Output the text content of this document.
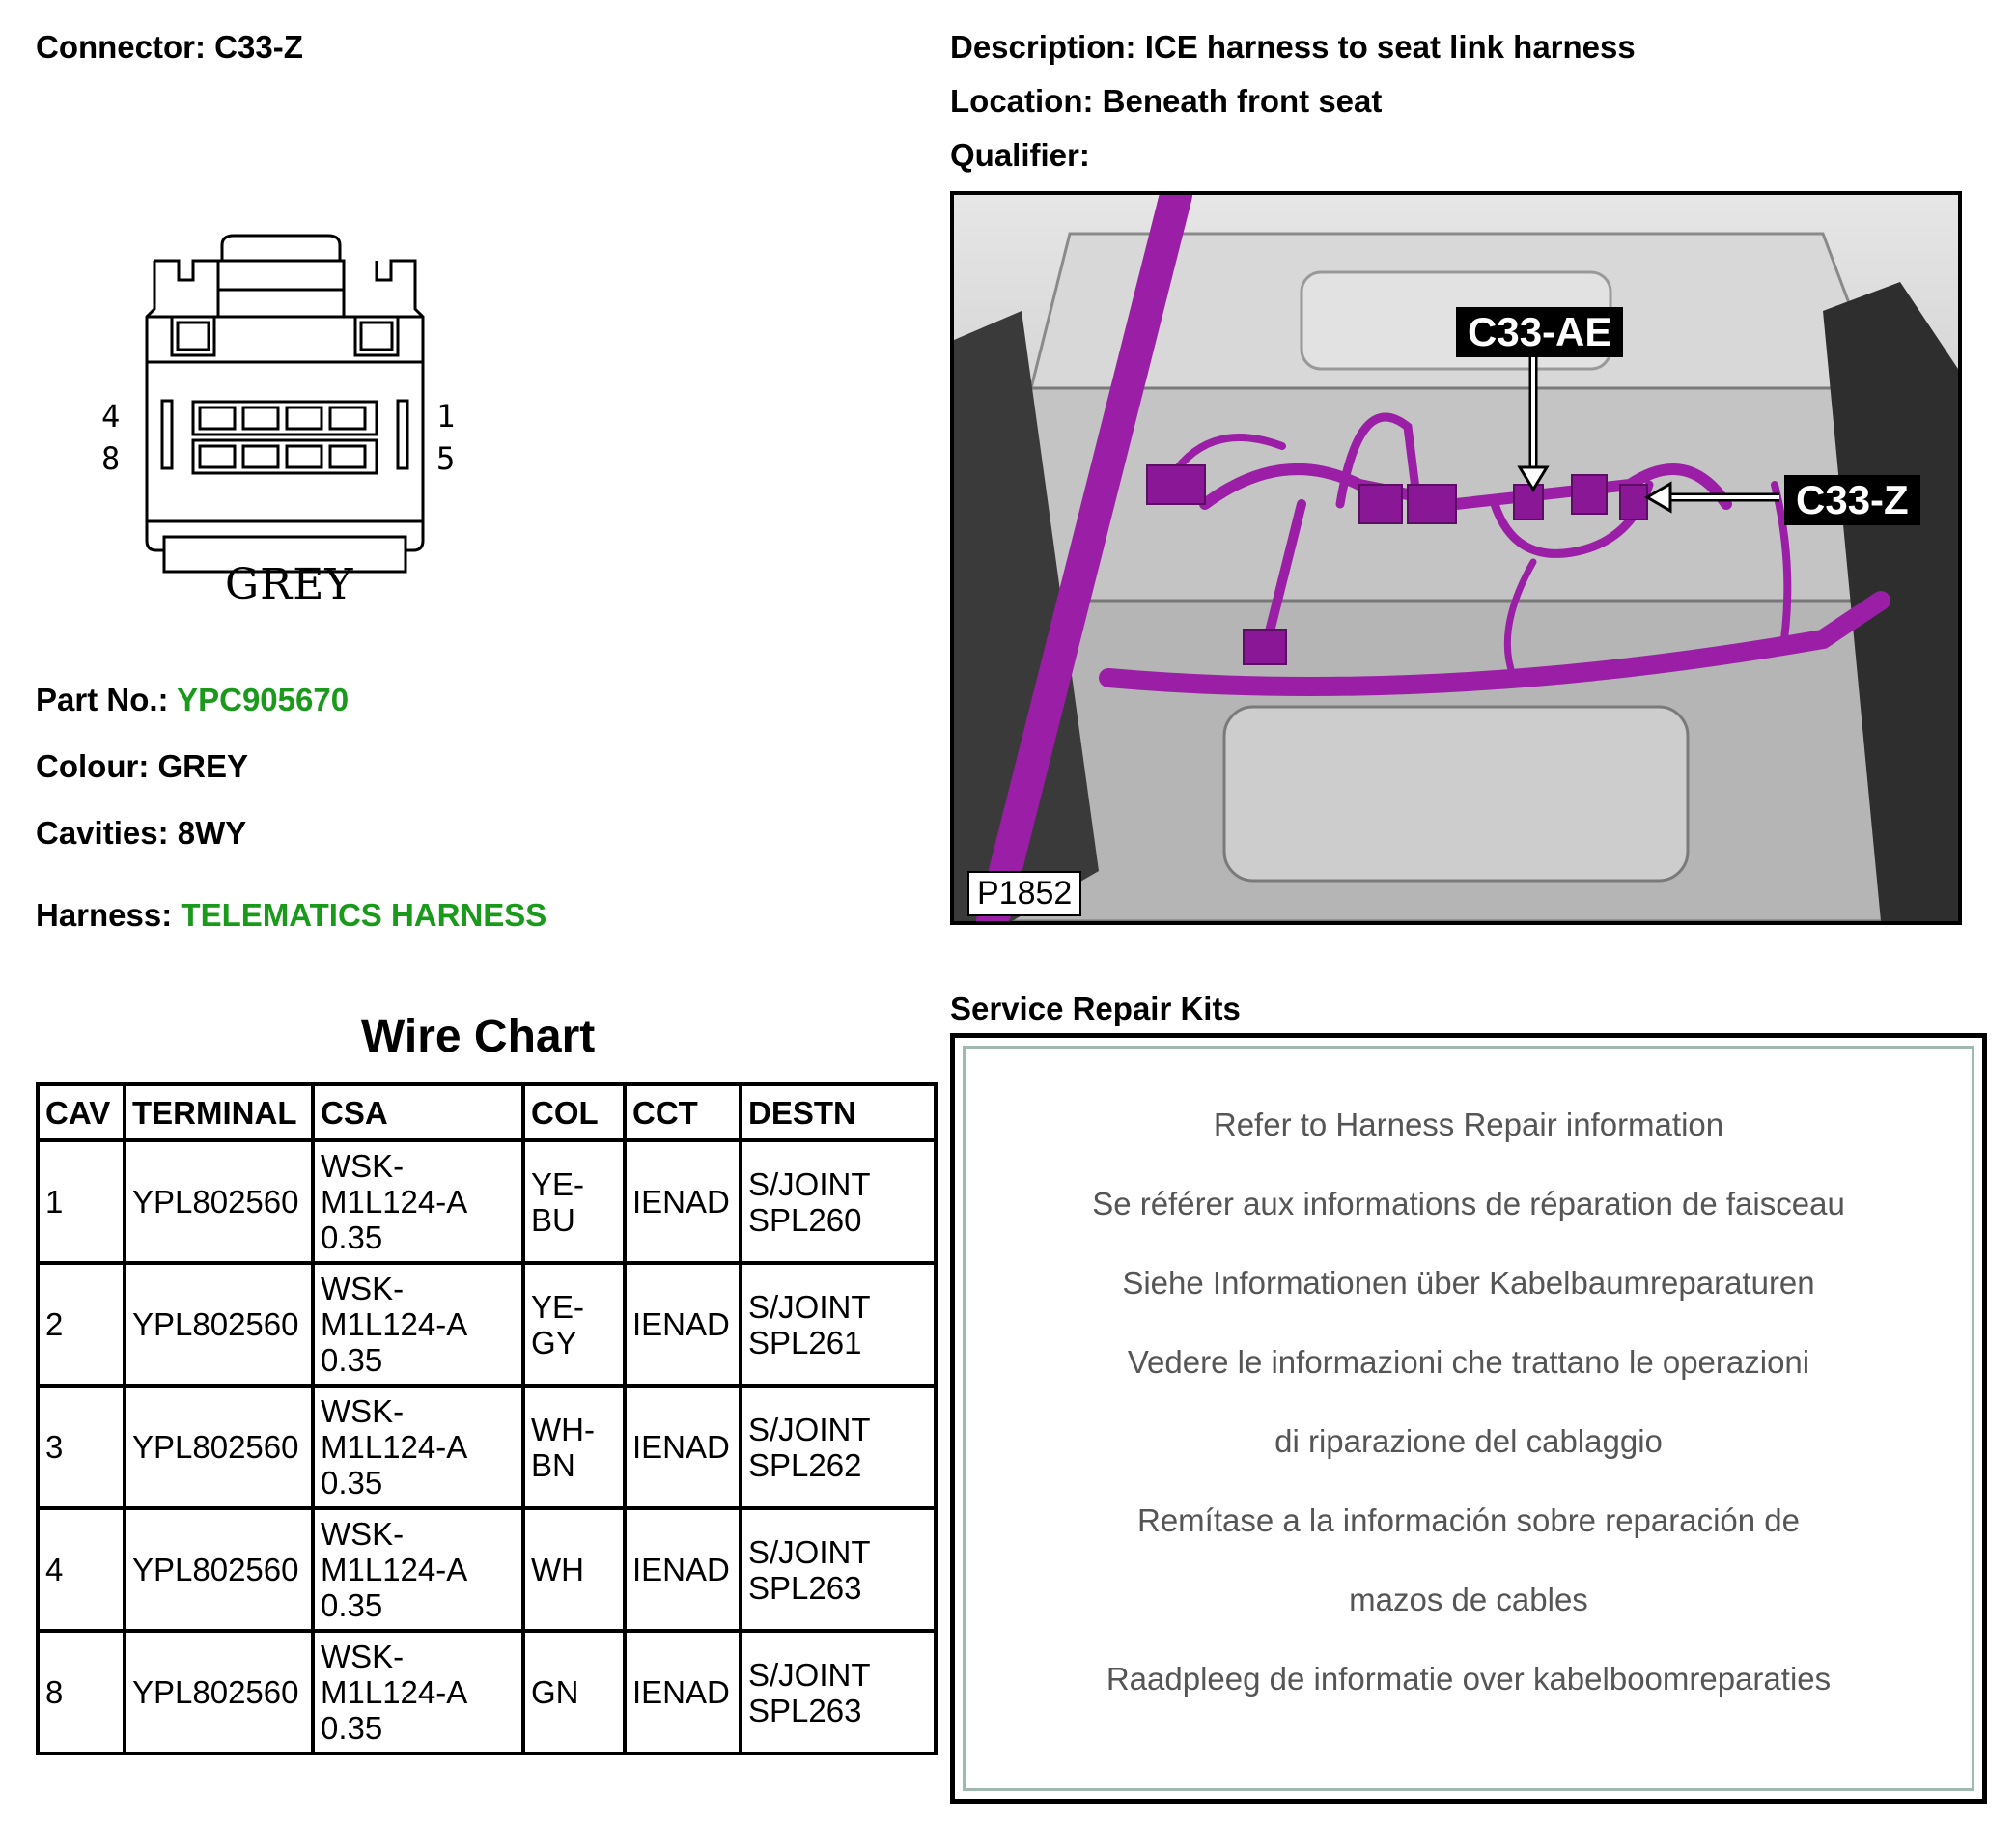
Connector: C33-Z	Description: ICE harness to seat link harness
Location: Beneath front seat
Qualifier:
4
8
1
5
GREY
Part No.: YPC905670
Colour: GREY
Cavities: 8WY
Harness: TELEMATICS HARNESS
C33-AE
C33-Z
P1852
Wire Chart
CAV	TERMINAL	CSA	COL	CCT	DESTN
1	YPL802560	WSK-
M1L124-A
0.35	YE-
BU	IENAD	S/JOINT
SPL260

2	YPL802560	WSK-
M1L124-A
0.35	YE-
GY	IENAD	S/JOINT
SPL261

3	YPL802560	WSK-
M1L124-A
0.35	WH-
BN	IENAD	S/JOINT
SPL262

4	YPL802560	WSK-
M1L124-A
0.35	WH	IENAD	S/JOINT
SPL263

8	YPL802560	WSK-
M1L124-A
0.35	GN	IENAD	S/JOINT
SPL263
Service Repair Kits
Refer to Harness Repair information
Se référer aux informations de réparation de faisceau
Siehe Informationen über Kabelbaumreparaturen
Vedere le informazioni che trattano le operazioni
di riparazione del cablaggio
Remítase a la información sobre reparación de
mazos de cables
Raadpleeg de informatie over kabelboomreparaties
